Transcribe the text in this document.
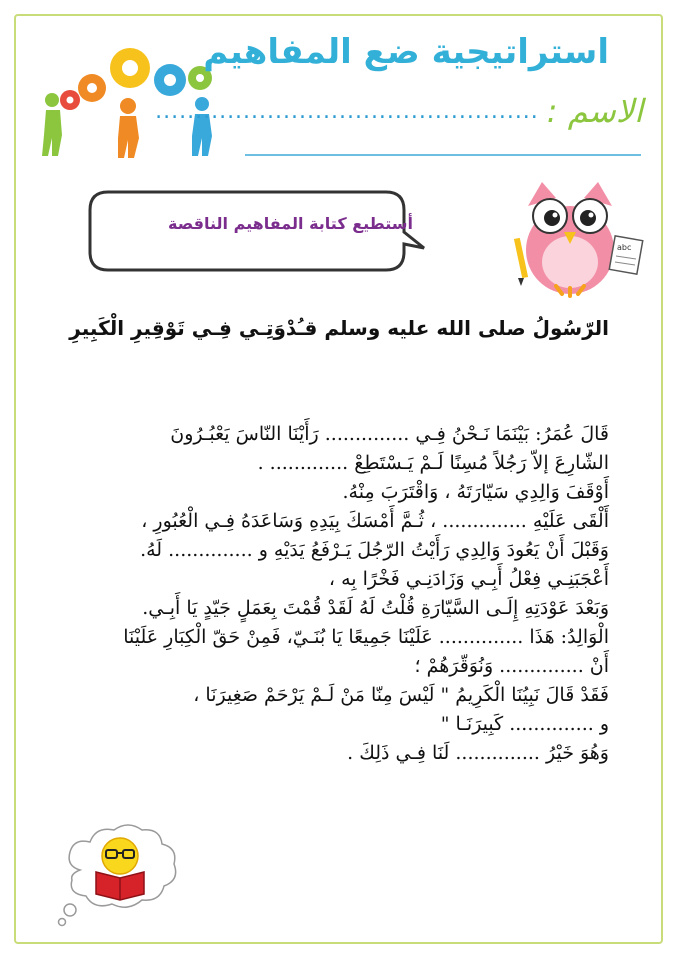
استراتيجية ضع المفاهيم
الاسم :
................................................
أستطيع كتابة المفاهيم الناقصة
abc
الرّسُولُ صلى الله عليه وسلم قـُدْوَتِـي فِـي تَوْقِيرِ الْكَبِيرِ
قَالَ عُمَرُ: بَيْنَمَا نَـحْنُ فِـي .............. رَأَيْنَا النّاسَ يَعْبُـرُونَ
الشّارِعَ إلاّ رَجُلاً مُسِنًا لَـمْ يَـسْتَطِعْ ............. .
أَوْقَفَ وَالِدِي سَيّارَتَهُ ، وَاقْتَرَبَ مِنْهُ.
أَلْقَى عَلَيْهِ .............. ، ثُـمَّ أَمْسَكَ بِيَدِهِ وَسَاعَدَهُ فِـي الْعُبُورِ ،
وَقَبْلَ أَنْ يَعُودَ وَالِدِي رَأَيْتُ الرّجُلَ يَـرْفَعُ يَدَيْهِ و .............. لَهُ.
أَعْجَبَنِـي فِعْلُ أَبِـي وَزَادَنِـي فَخْرًا بِه ،
وَبَعْدَ عَوْدَتِهِ إِلَـى السَّيّارَةِ قُلْتُ لَهُ لَقَدْ قُمْتَ بِعَمَلٍ جَيّدٍ يَا أَبِـي.
الْوَالِدُ: هَذَا .............. عَلَيْنَا جَمِيعًا يَا بُنَـيّ، فَمِنْ حَقّ الْكِبَارِ عَلَيْنَا
أَنْ .............. وَنُوَقّرَهُمْ ؛
فَقَدْ قَالَ نَبِيُنَا الْكَرِيمُ " لَيْسَ مِنّا مَنْ لَـمْ يَرْحَمْ صَغِيرَنَا ،
و .............. كَبِيرَنَـا "
وَهُوَ خَيْرُ .............. لَنَا فِـي ذَلِكَ .
